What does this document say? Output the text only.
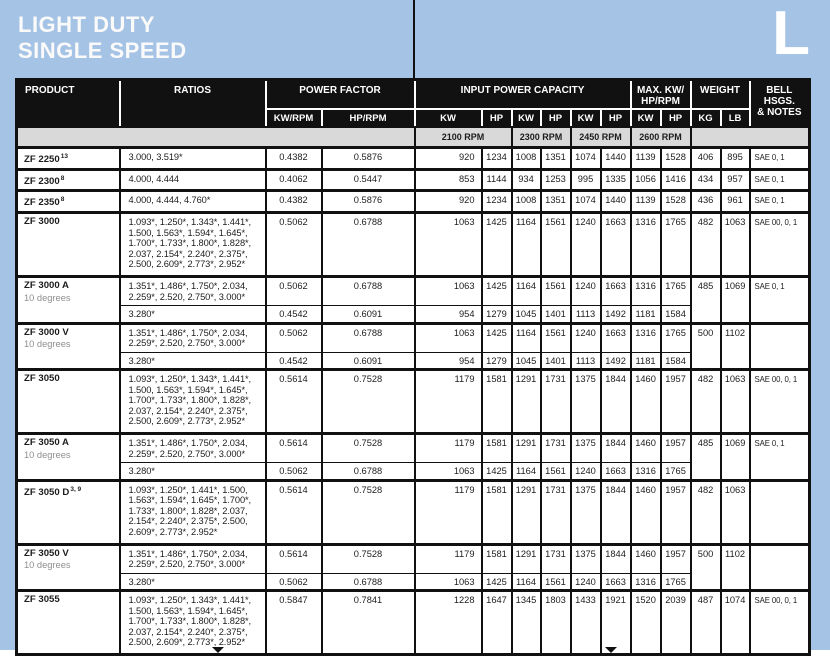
LIGHT DUTY
SINGLE SPEED	L
PRODUCT	RATIOS	POWER FACTOR	INPUT POWER CAPACITY	MAX. KW/
HP/RPM
	WEIGHT	BELL HSGS.
& NOTES

		KW/RPM	HP/RPM	KW	HP	KW	HP	KW	HP	KW	HP	KG	LB	
				2100 RPM		2300 RPM		2450 RPM		2600 RPM				
ZF 2250$^{13}$	3.000, 3.519*	0.4382	0.5876	920	1234	1008	1351	1074	1440	1139	1528	406	895	SAE 0, 1
ZF 2300$^8$	4.000, 4.444	0.4062	0.5447	853	1144	934	1253	995	1335	1056	1416	434	957	SAE 0, 1
ZF 2350$^8$	4.000, 4.444, 4.760*	0.4382	0.5876	920	1234	1008	1351	1074	1440	1139	1528	436	961	SAE 0, 1
ZF 3000	1.093*, 1.250*, 1.343*, 1.441*, 1.500, 1.563*, 1.594*, 1.645*, 1.700*, 1.733*, 1.800*, 1.828*, 2.037, 2.154*, 2.240*, 2.375*, 2.500, 2.609*, 2.773*, 2.952*	0.5062	0.6788	1063	1425	1164	1561	1240	1663	1316	1765	482	1063	SAE 00, 0, 1
ZF 3000 A
10 degrees	1.351*, 1.486*, 1.750*, 2.034, 2.259*, 2.520, 2.750*, 3.000*	0.5062	0.6788	1063	1425	1164	1561	1240	1663	1316	1765	485	1069	SAE 0, 1
	3.280*	0.4542	0.6091	954	1279	1045	1401	1113	1492	1181	1584			
ZF 3000 V
10 degrees	1.351*, 1.486*, 1.750*, 2.034, 2.259*, 2.520, 2.750*, 3.000*	0.5062	0.6788	1063	1425	1164	1561	1240	1663	1316	1765	500	1102	
	3.280*	0.4542	0.6091	954	1279	1045	1401	1113	1492	1181	1584			
ZF 3050	1.093*, 1.250*, 1.343*, 1.441*, 1.500, 1.563*, 1.594*, 1.645*, 1.700*, 1.733*, 1.800*, 1.828*, 2.037, 2.154*, 2.240*, 2.375*, 2.500, 2.609*, 2.773*, 2.952*	0.5614	0.7528	1179	1581	1291	1731	1375	1844	1460	1957	482	1063	SAE 00, 0, 1
ZF 3050 A
10 degrees	1.351*, 1.486*, 1.750*, 2.034, 2.259*, 2.520, 2.750*, 3.000*	0.5614	0.7528	1179	1581	1291	1731	1375	1844	1460	1957	485	1069	SAE 0, 1
	3.280*	0.5062	0.6788	1063	1425	1164	1561	1240	1663	1316	1765			
ZF 3050 D$^{3, 9}$	1.093*, 1.250*, 1.441*, 1.500, 1.563*, 1.594*, 1.645*, 1.700*, 1.733*, 1.800*, 1.828*, 2.037, 2.154*, 2.240*, 2.375*, 2.500, 2.609*, 2.773*, 2.952*	0.5614	0.7528	1179	1581	1291	1731	1375	1844	1460	1957	482	1063	
ZF 3050 V
10 degrees	1.351*, 1.486*, 1.750*, 2.034, 2.259*, 2.520, 2.750*, 3.000*	0.5614	0.7528	1179	1581	1291	1731	1375	1844	1460	1957	500	1102	
	3.280*	0.5062	0.6788	1063	1425	1164	1561	1240	1663	1316	1765			
ZF 3055	1.093*, 1.250*, 1.343*, 1.441*, 1.500, 1.563*, 1.594*, 1.645*, 1.700*, 1.733*, 1.800*, 1.828*, 2.037, 2.154*, 2.240*, 2.375*, 2.500, 2.609*, 2.773*, 2.952*	0.5847	0.7841	1228	1647	1345	1803	1433	1921	1520	2039	487	1074	SAE 00, 0, 1
